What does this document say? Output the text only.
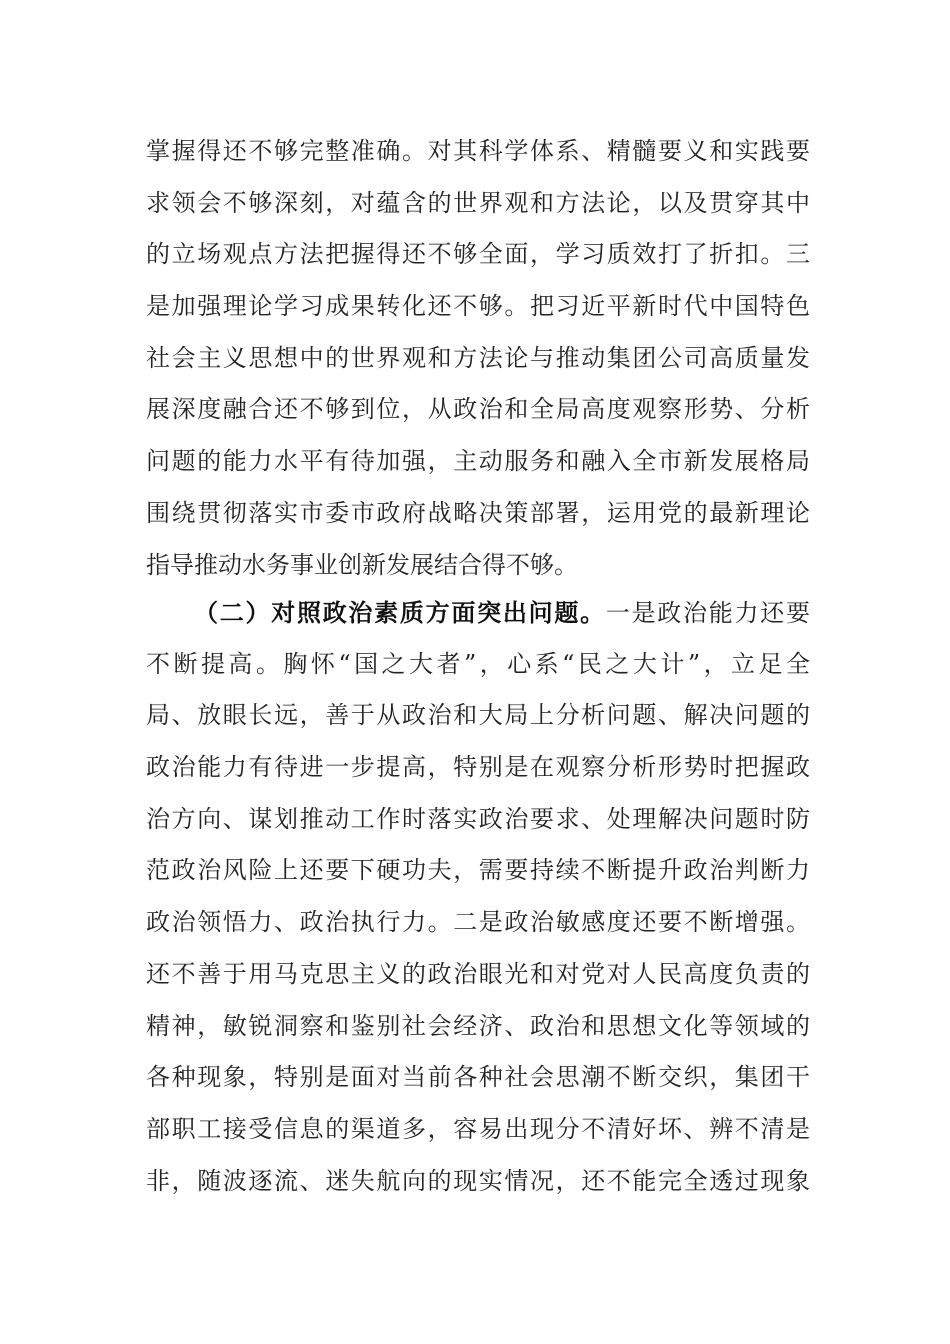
掌握得还不够完整准确。对其科学体系、精髓要义和实践要
求领会不够深刻，对蕴含的世界观和方法论，以及贯穿其中
的立场观点方法把握得还不够全面，学习质效打了折扣。三
是加强理论学习成果转化还不够。把习近平新时代中国特色
社会主义思想中的世界观和方法论与推动集团公司高质量发
展深度融合还不够到位，从政治和全局高度观察形势、分析
问题的能力水平有待加强，主动服务和融入全市新发展格局
围绕贯彻落实市委市政府战略决策部署，运用党的最新理论
指导推动水务事业创新发展结合得不够。
（二）对照政治素质方面突出问题。一是政治能力还要
不断提高。胸怀“国之大者”，心系“民之大计”，立足全
局、放眼长远，善于从政治和大局上分析问题、解决问题的
政治能力有待进一步提高，特别是在观察分析形势时把握政
治方向、谋划推动工作时落实政治要求、处理解决问题时防
范政治风险上还要下硬功夫，需要持续不断提升政治判断力
政治领悟力、政治执行力。二是政治敏感度还要不断增强。
还不善于用马克思主义的政治眼光和对党对人民高度负责的
精神，敏锐洞察和鉴别社会经济、政治和思想文化等领域的
各种现象，特别是面对当前各种社会思潮不断交织，集团干
部职工接受信息的渠道多，容易出现分不清好坏、辨不清是
非，随波逐流、迷失航向的现实情况，还不能完全透过现象
